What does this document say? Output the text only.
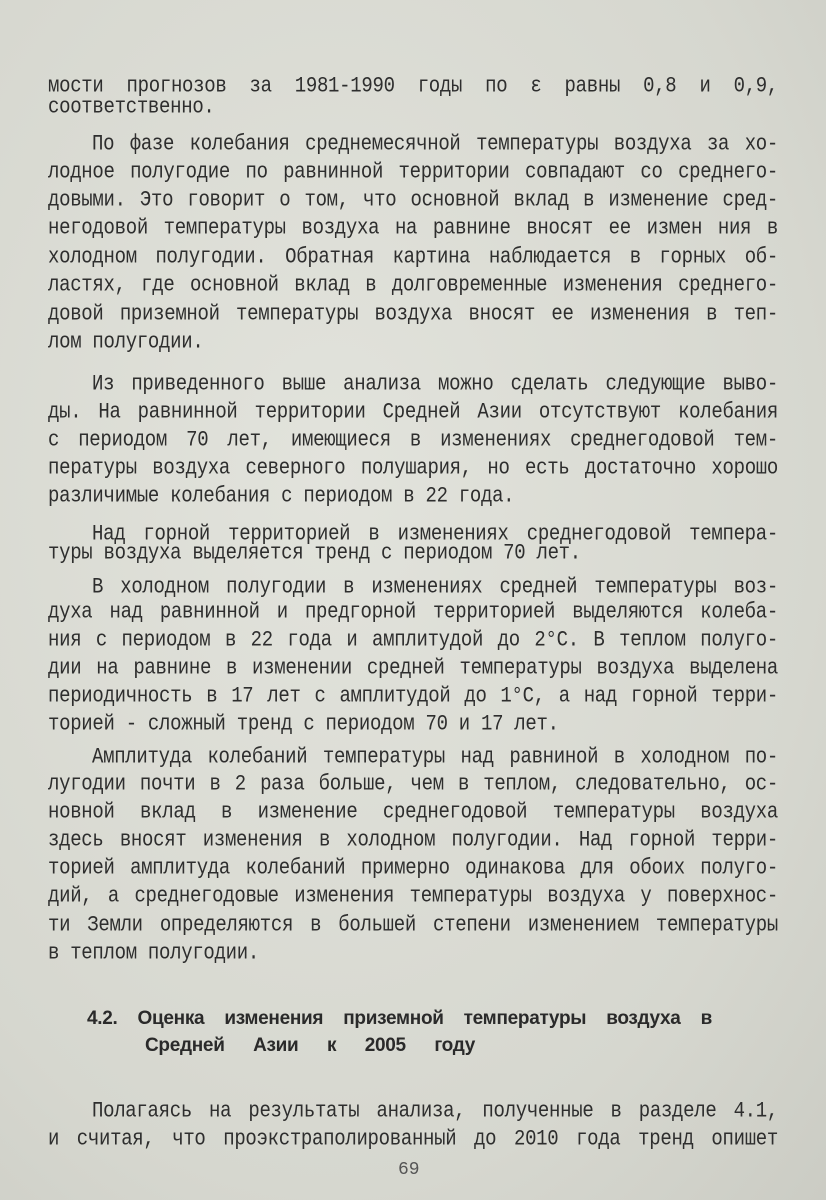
мости прогнозов за 1981-1990 годы по ε равны 0,8 и 0,9,
соответственно.
По фазе колебания среднемесячной температуры воздуха за хо-
лодное полугодие по равнинной территории совпадают со среднего-
довыми. Это говорит о том, что основной вклад в изменение сред-
негодовой температуры воздуха на равнине вносят ее измен ния в
холодном полугодии. Обратная картина наблюдается в горных об-
ластях, где основной вклад в долговременные изменения среднего-
довой приземной температуры воздуха вносят ее изменения в теп-
лом полугодии.
Из приведенного выше анализа можно сделать следующие выво-
ды. На равнинной территории Средней Азии отсутствуют колебания
с периодом 70 лет, имеющиеся в изменениях среднегодовой тем-
пературы воздуха северного полушария, но есть достаточно хорошо
различимые колебания с периодом в 22 года.
Над горной территорией в изменениях среднегодовой темпера-
туры воздуха выделяется тренд с периодом 70 лет.
В холодном полугодии в изменениях средней температуры воз-
духа над равнинной и предгорной территорией выделяются колеба-
ния с периодом в 22 года и амплитудой до 2°С. В теплом полуго-
дии на равнине в изменении средней температуры воздуха выделена
периодичность в 17 лет с амплитудой до 1°С, а над горной терри-
торией - сложный тренд с периодом 70 и 17 лет.
Амплитуда колебаний температуры над равниной в холодном по-
лугодии почти в 2 раза больше, чем в теплом, следовательно, ос-
новной вклад в изменение среднегодовой температуры воздуха
здесь вносят изменения в холодном полугодии. Над горной терри-
торией амплитуда колебаний примерно одинакова для обоих полуго-
дий, а среднегодовые изменения температуры воздуха у поверхнос-
ти Земли определяются в большей степени изменением температуры
в теплом полугодии.
4.2. Оценка изменения приземной температуры воздуха в
Средней Азии к 2005 году
Полагаясь на результаты анализа, полученные в разделе 4.1,
и считая, что проэкстраполированный до 2010 года тренд опишет
69
